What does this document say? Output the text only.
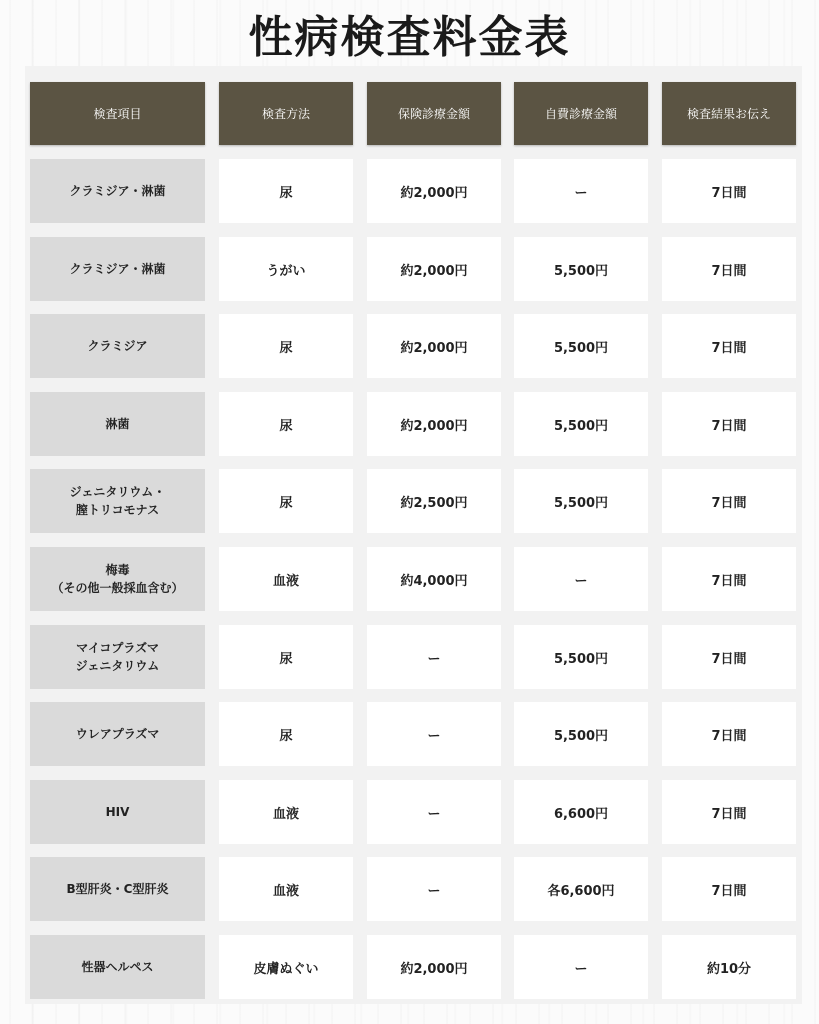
性病検査料金表
検査項目	検査方法	保険診療金額	自費診療金額	検査結果お伝え
クラミジア・淋菌	尿	約2,000円	ー	7日間
クラミジア・淋菌	うがい	約2,000円	5,500円	7日間
クラミジア	尿	約2,000円	5,500円	7日間
淋菌	尿	約2,000円	5,500円	7日間
ジェニタリウム・
膣トリコモナス	尿	約2,500円	5,500円	7日間
梅毒
（その他一般採血含む）	血液	約4,000円	ー	7日間
マイコプラズマ
ジェニタリウム	尿	ー	5,500円	7日間
ウレアプラズマ	尿	ー	5,500円	7日間
HIV	血液	ー	6,600円	7日間
B型肝炎・C型肝炎	血液	ー	各6,600円	7日間
性器ヘルペス	皮膚ぬぐい	約2,000円	ー	約10分
